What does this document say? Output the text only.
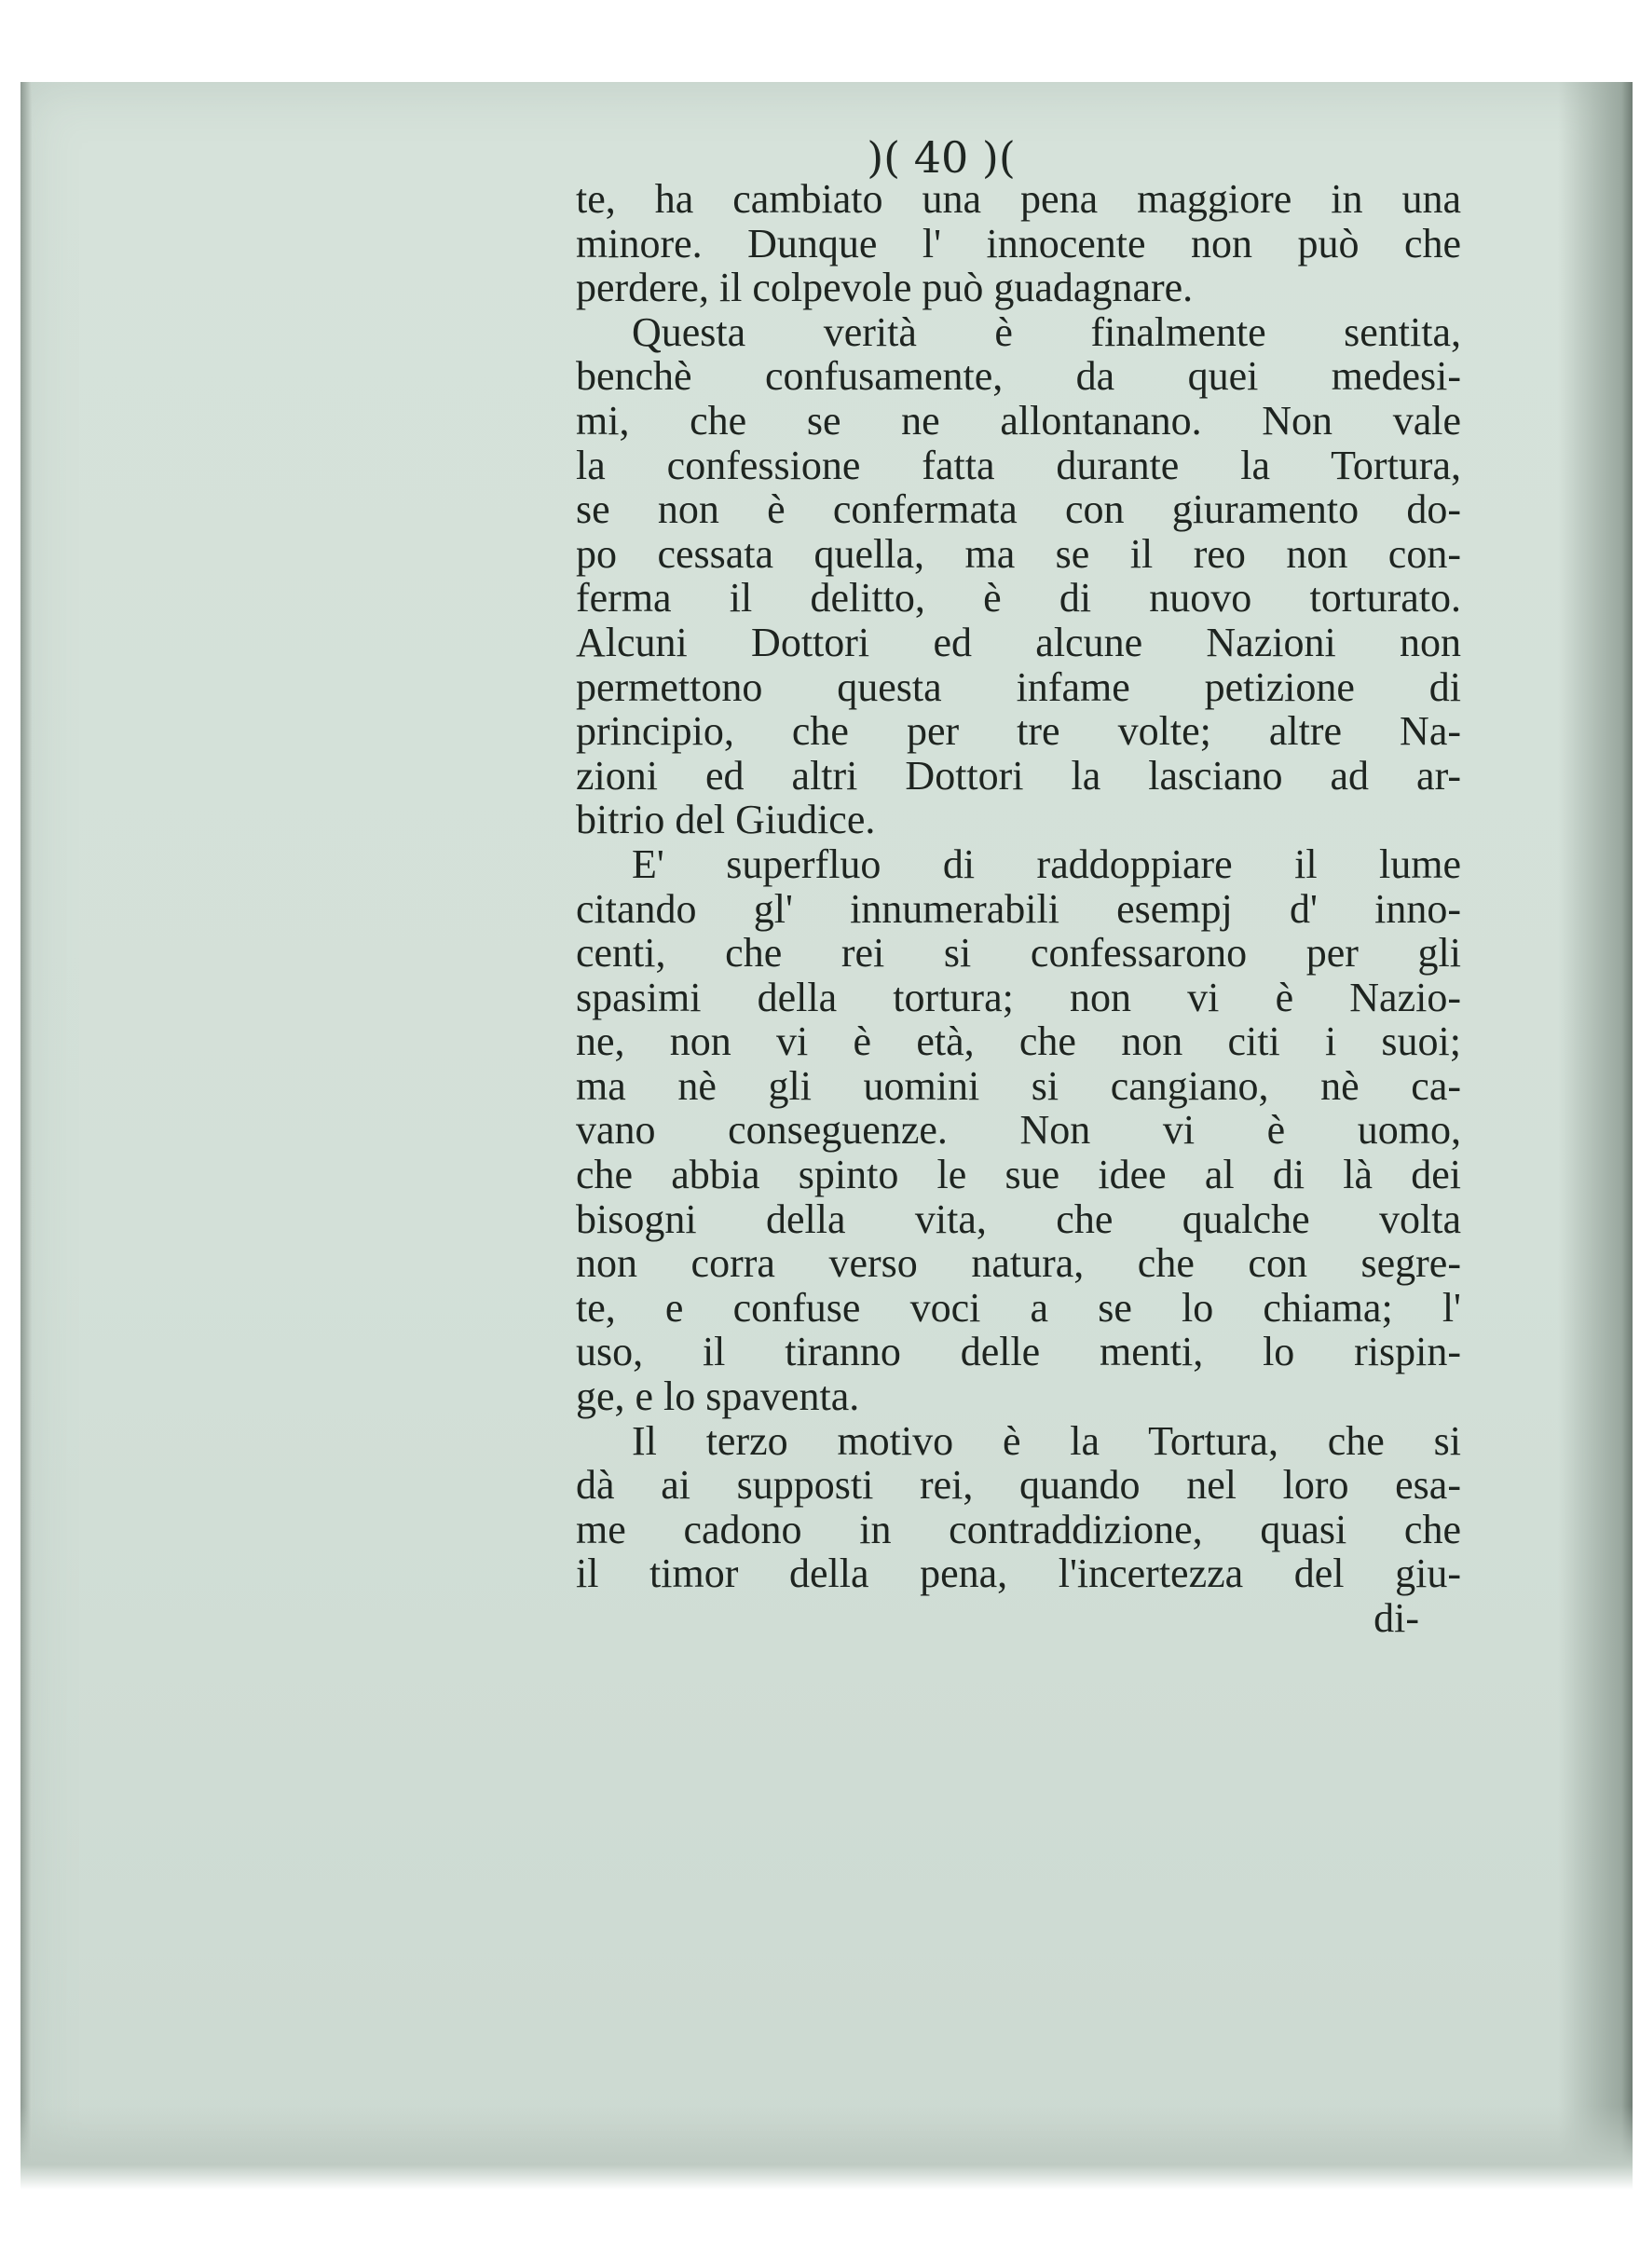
)( 40 )(
te, ha cambiato una pena maggiore in una
minore. Dunque l' innocente non può che
perdere, il colpevole può guadagnare.
Questa verità è finalmente sentita,
benchè confusamente, da quei medesi-
mi, che se ne allontanano. Non vale
la confessione fatta durante la Tortura,
se non è confermata con giuramento do-
po cessata quella, ma se il reo non con-
ferma il delitto, è di nuovo torturato.
Alcuni Dottori ed alcune Nazioni non
permettono questa infame petizione di
principio, che per tre volte; altre Na-
zioni ed altri Dottori la lasciano ad ar-
bitrio del Giudice.
E' superfluo di raddoppiare il lume
citando gl' innumerabili esempj d' inno-
centi, che rei si confessarono per gli
spasimi della tortura; non vi è Nazio-
ne, non vi è età, che non citi i suoi;
ma nè gli uomini si cangiano, nè ca-
vano conseguenze. Non vi è uomo,
che abbia spinto le sue idee al di là dei
bisogni della vita, che qualche volta
non corra verso natura, che con segre-
te, e confuse voci a se lo chiama; l'
uso, il tiranno delle menti, lo rispin-
ge, e lo spaventa.
Il terzo motivo è la Tortura, che si
dà ai supposti rei, quando nel loro esa-
me cadono in contraddizione, quasi che
il timor della pena, l'incertezza del giu-
di-
